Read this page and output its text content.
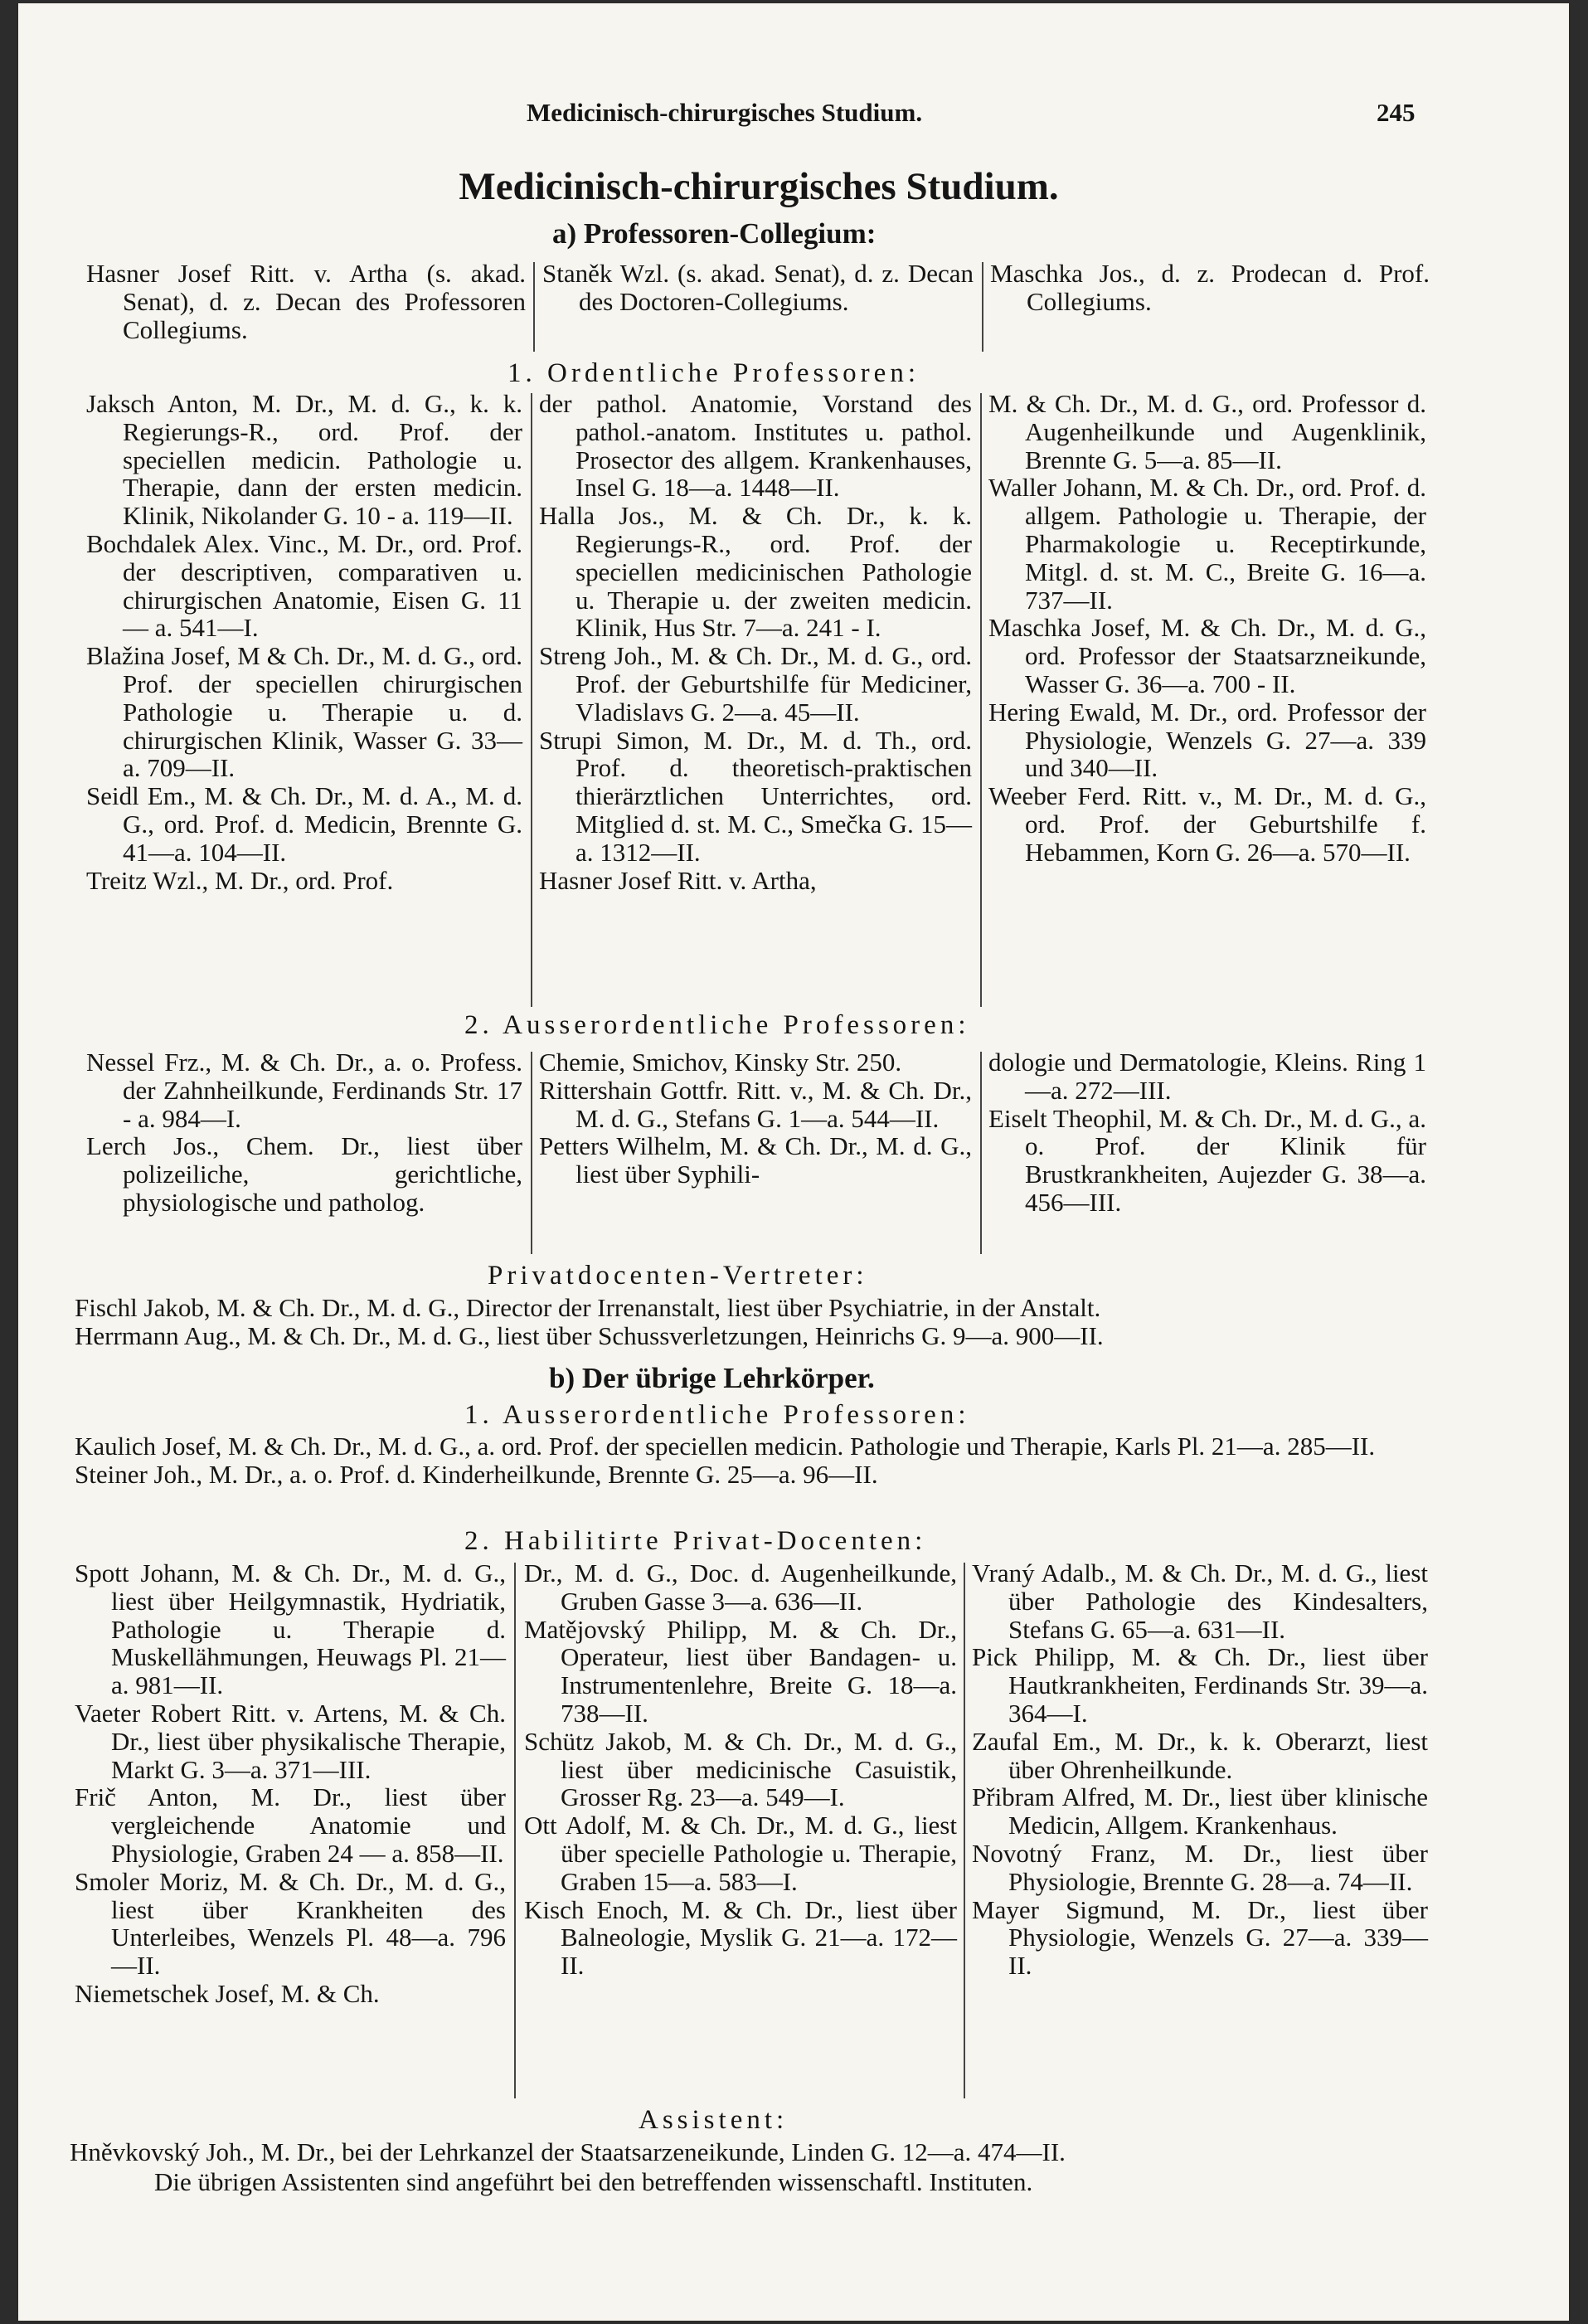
Medicinisch-chirurgisches Studium.	245
Medicinisch-chirurgisches Studium.
a) Professoren-Collegium:

Hasner Josef Ritt. v. Artha (s. akad. Senat), d. z. Decan des Professoren Collegiums.

Staněk Wzl. (s. akad. Senat), d. z. Decan des Doctoren-Collegiums.

Maschka Jos., d. z. Prodecan d. Prof. Collegiums.

1. Ordentliche Professoren:

Jaksch Anton, M. Dr., M. d. G., k. k. Regierungs-R., ord. Prof. der speciellen medicin. Pathologie u. Therapie, dann der ersten medicin. Klinik, Nikolander G. 10 - a. 119—II.

Bochdalek Alex. Vinc., M. Dr., ord. Prof. der descriptiven, comparativen u. chirurgischen Anatomie, Eisen G. 11 — a. 541—I.

Blažina Josef, M & Ch. Dr., M. d. G., ord. Prof. der speciellen chirurgischen Pathologie u. Therapie u. d. chirurgischen Klinik, Wasser G. 33—a. 709—II.

Seidl Em., M. & Ch. Dr., M. d. A., M. d. G., ord. Prof. d. Medicin, Brennte G. 41—a. 104—II.

Treitz Wzl., M. Dr., ord. Prof.

der pathol. Anatomie, Vorstand des pathol.-anatom. Institutes u. pathol. Prosector des allgem. Krankenhauses, Insel G. 18—a. 1448—II.

Halla Jos., M. & Ch. Dr., k. k. Regierungs-R., ord. Prof. der speciellen medicinischen Pathologie u. Therapie u. der zweiten medicin. Klinik, Hus Str. 7—a. 241 - I.

Streng Joh., M. & Ch. Dr., M. d. G., ord. Prof. der Geburtshilfe für Mediciner, Vladislavs G. 2—a. 45—II.

Strupi Simon, M. Dr., M. d. Th., ord. Prof. d. theoretisch-praktischen thierärztlichen Unterrichtes, ord. Mitglied d. st. M. C., Smečka G. 15—a. 1312—II.

Hasner Josef Ritt. v. Artha,

M. & Ch. Dr., M. d. G., ord. Professor d. Augenheilkunde und Augenklinik, Brennte G. 5—a. 85—II.

Waller Johann, M. & Ch. Dr., ord. Prof. d. allgem. Pathologie u. Therapie, der Pharmakologie u. Receptirkunde, Mitgl. d. st. M. C., Breite G. 16—a. 737—II.

Maschka Josef, M. & Ch. Dr., M. d. G., ord. Professor der Staatsarzneikunde, Wasser G. 36—a. 700 - II.

Hering Ewald, M. Dr., ord. Professor der Physiologie, Wenzels G. 27—a. 339 und 340—II.

Weeber Ferd. Ritt. v., M. Dr., M. d. G., ord. Prof. der Geburtshilfe f. Hebammen, Korn G. 26—a. 570—II.

2. Ausserordentliche Professoren:

Nessel Frz., M. & Ch. Dr., a. o. Profess. der Zahnheilkunde, Ferdinands Str. 17 - a. 984—I.

Lerch Jos., Chem. Dr., liest über polizeiliche, gerichtliche, physiologische und patholog.

Chemie, Smichov, Kinsky Str. 250.

Rittershain Gottfr. Ritt. v., M. & Ch. Dr., M. d. G., Stefans G. 1—a. 544—II.

Petters Wilhelm, M. & Ch. Dr., M. d. G., liest über Syphili-

dologie und Dermatologie, Kleins. Ring 1—a. 272—III.

Eiselt Theophil, M. & Ch. Dr., M. d. G., a. o. Prof. der Klinik für Brustkrankheiten, Aujezder G. 38—a. 456—III.

Privatdocenten-Vertreter:
Fischl Jakob, M. & Ch. Dr., M. d. G., Director der Irrenanstalt, liest über Psychiatrie, in der Anstalt.
Herrmann Aug., M. & Ch. Dr., M. d. G., liest über Schussverletzungen, Heinrichs G. 9—a. 900—II.
b) Der übrige Lehrkörper.
1. Ausserordentliche Professoren:
Kaulich Josef, M. & Ch. Dr., M. d. G., a. ord. Prof. der speciellen medicin. Pathologie und Therapie, Karls Pl. 21—a. 285—II.
Steiner Joh., M. Dr., a. o. Prof. d. Kinderheilkunde, Brennte G. 25—a. 96—II.
2. Habilitirte Privat-Docenten:

Spott Johann, M. & Ch. Dr., M. d. G., liest über Heilgymnastik, Hydriatik, Pathologie u. Therapie d. Muskellähmungen, Heuwags Pl. 21—a. 981—II.

Vaeter Robert Ritt. v. Artens, M. & Ch. Dr., liest über physikalische Therapie, Markt G. 3—a. 371—III.

Frič Anton, M. Dr., liest über vergleichende Anatomie und Physiologie, Graben 24 — a. 858—II.

Smoler Moriz, M. & Ch. Dr., M. d. G., liest über Krankheiten des Unterleibes, Wenzels Pl. 48—a. 796—II.

Niemetschek Josef, M. & Ch.

Dr., M. d. G., Doc. d. Augenheilkunde, Gruben Gasse 3—a. 636—II.

Matějovský Philipp, M. & Ch. Dr., Operateur, liest über Bandagen- u. Instrumentenlehre, Breite G. 18—a. 738—II.

Schütz Jakob, M. & Ch. Dr., M. d. G., liest über medicinische Casuistik, Grosser Rg. 23—a. 549—I.

Ott Adolf, M. & Ch. Dr., M. d. G., liest über specielle Pathologie u. Therapie, Graben 15—a. 583—I.

Kisch Enoch, M. & Ch. Dr., liest über Balneologie, Myslik G. 21—a. 172—II.

Vraný Adalb., M. & Ch. Dr., M. d. G., liest über Pathologie des Kindesalters, Stefans G. 65—a. 631—II.

Pick Philipp, M. & Ch. Dr., liest über Hautkrankheiten, Ferdinands Str. 39—a. 364—I.

Zaufal Em., M. Dr., k. k. Oberarzt, liest über Ohrenheilkunde.

Přibram Alfred, M. Dr., liest über klinische Medicin, Allgem. Krankenhaus.

Novotný Franz, M. Dr., liest über Physiologie, Brennte G. 28—a. 74—II.

Mayer Sigmund, M. Dr., liest über Physiologie, Wenzels G. 27—a. 339—II.

Assistent:
Hněvkovský Joh., M. Dr., bei der Lehrkanzel der Staatsarzeneikunde, Linden G. 12—a. 474—II.
Die übrigen Assistenten sind angeführt bei den betreffenden wissenschaftl. Instituten.
